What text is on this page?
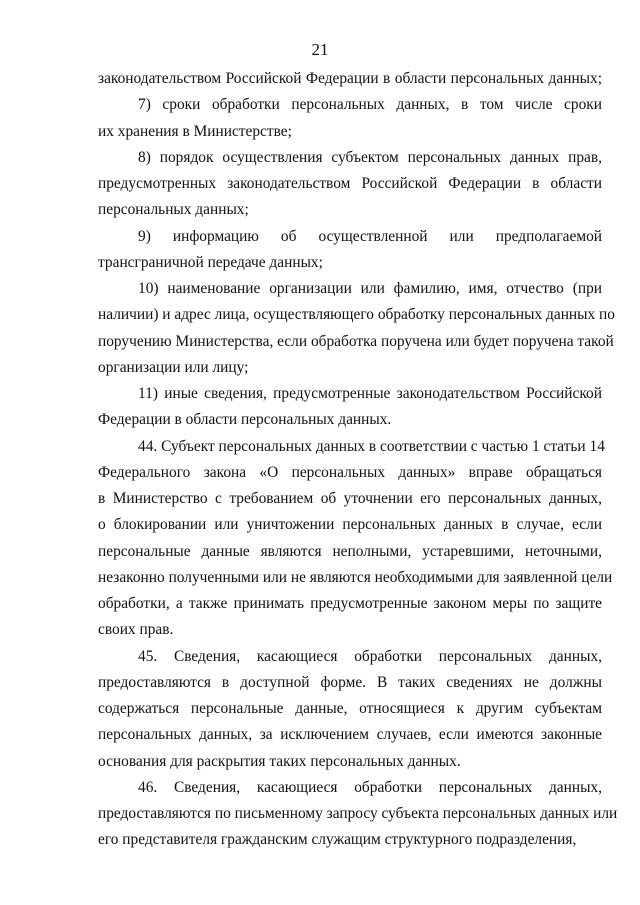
21
законодательством Российской Федерации в области персональных данных;
7) сроки обработки персональных данных, в том числе сроки
их хранения в Министерстве;
8) порядок осуществления субъектом персональных данных прав,
предусмотренных законодательством Российской Федерации в области
персональных данных;
9) информацию об осуществленной или предполагаемой
трансграничной передаче данных;
10) наименование организации или фамилию, имя, отчество (при
наличии) и адрес лица, осуществляющего обработку персональных данных по
поручению Министерства, если обработка поручена или будет поручена такой
организации или лицу;
11) иные сведения, предусмотренные законодательством Российской
Федерации в области персональных данных.
44. Субъект персональных данных в соответствии с частью 1 статьи 14
Федерального закона «О персональных данных» вправе обращаться
в Министерство с требованием об уточнении его персональных данных,
о блокировании или уничтожении персональных данных в случае, если
персональные данные являются неполными, устаревшими, неточными,
незаконно полученными или не являются необходимыми для заявленной цели
обработки, а также принимать предусмотренные законом меры по защите
своих прав.
45. Сведения, касающиеся обработки персональных данных,
предоставляются в доступной форме. В таких сведениях не должны
содержаться персональные данные, относящиеся к другим субъектам
персональных данных, за исключением случаев, если имеются законные
основания для раскрытия таких персональных данных.
46. Сведения, касающиеся обработки персональных данных,
предоставляются по письменному запросу субъекта персональных данных или
его представителя гражданским служащим структурного подразделения,
